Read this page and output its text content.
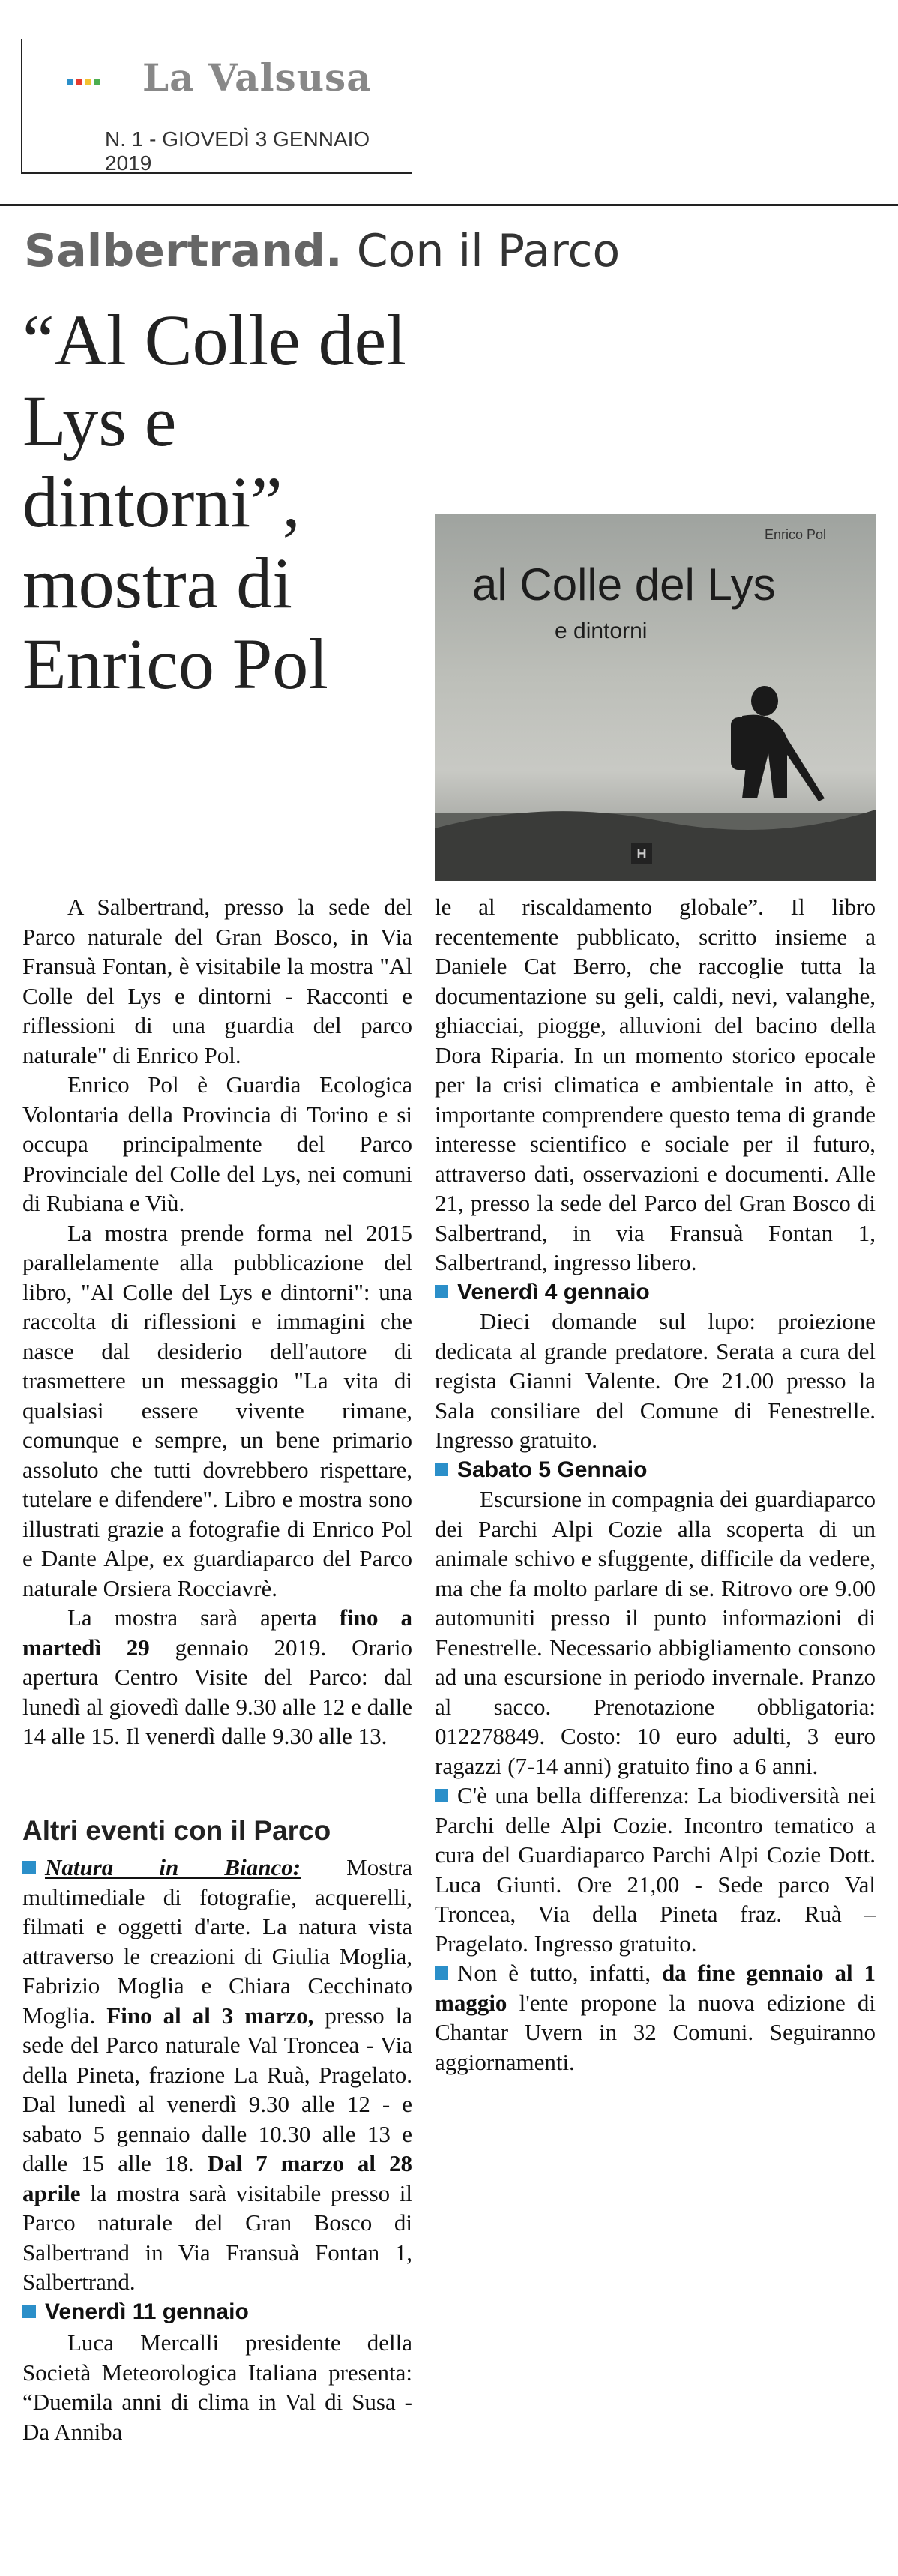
La Valsusa
N. 1 - GIOVEDÌ 3 GENNAIO 2019
Salbertrand. Con il Parco
“Al Colle del Lys e dintorni”, mostra di Enrico Pol
Enrico Pol
al Colle del Lys
e dintorni
H

A Salbertrand, presso la sede del Parco naturale del Gran Bosco, in Via Fransuà Fontan, è visitabile la mostra "Al Colle del Lys e dintorni - Racconti e riflessioni di una guardia del parco naturale" di Enrico Pol.

Enrico Pol è Guardia Ecologica Volontaria della Provincia di Torino e si occupa principalmente del Parco Provinciale del Colle del Lys, nei comuni di Rubiana e Viù.

La mostra prende forma nel 2015 parallelamente alla pubblicazione del libro, "Al Colle del Lys e dintorni": una raccolta di riflessioni e immagini che nasce dal desiderio dell'autore di trasmettere un messaggio "La vita di qualsiasi essere vivente rimane, comunque e sempre, un bene primario assoluto che tutti dovrebbero rispettare, tutelare e difendere". Libro e mostra sono illustrati grazie a fotografie di Enrico Pol e Dante Alpe, ex guardiaparco del Parco naturale Orsiera Rocciavrè.

La mostra sarà aperta fino a martedì 29 gennaio 2019. Orario apertura Centro Visite del Parco: dal lunedì al giovedì dalle 9.30 alle 12 e dalle 14 alle 15. Il venerdì dalle 9.30 alle 13.

Altri eventi con il Parco

Natura in Bianco: Mostra multimediale di fotografie, acquerelli, filmati e oggetti d'arte. La natura vista attraverso le creazioni di Giulia Moglia, Fabrizio Moglia e Chiara Cecchinato Moglia. Fino al al 3 marzo, presso la sede del Parco naturale Val Troncea - Via della Pineta, frazione La Ruà, Pragelato. Dal lunedì al venerdì 9.30 alle 12 - e sabato 5 gennaio dalle 10.30 alle 13 e dalle 15 alle 18. Dal 7 marzo al 28 aprile la mostra sarà visitabile presso il Parco naturale del Gran Bosco di Salbertrand in Via Fransuà Fontan 1, Salbertrand.

Venerdì 11 gennaio

Luca Mercalli presidente della Società Meteorologica Italiana presenta: “Duemila anni di clima in Val di Susa - Da Anniba

le al riscaldamento globale”. Il libro recentemente pubblicato, scritto insieme a Daniele Cat Berro, che raccoglie tutta la documentazione su geli, caldi, nevi, valanghe, ghiacciai, piogge, alluvioni del bacino della Dora Riparia. In un momento storico epocale per la crisi climatica e ambientale in atto, è importante comprendere questo tema di grande interesse scientifico e sociale per il futuro, attraverso dati, osservazioni e documenti. Alle 21, presso la sede del Parco del Gran Bosco di Salbertrand, in via Fransuà Fontan 1, Salbertrand, ingresso libero.

Venerdì 4 gennaio

Dieci domande sul lupo: proiezione dedicata al grande predatore. Serata a cura del regista Gianni Valente. Ore 21.00 presso la Sala consiliare del Comune di Fenestrelle. Ingresso gratuito.

Sabato 5 Gennaio

Escursione in compagnia dei guardiaparco dei Parchi Alpi Cozie alla scoperta di un animale schivo e sfuggente, difficile da vedere, ma che fa molto parlare di se. Ritrovo ore 9.00 automuniti presso il punto informazioni di Fenestrelle. Necessario abbigliamento consono ad una escursione in periodo invernale. Pranzo al sacco. Prenotazione obbligatoria: 012278849. Costo: 10 euro adulti, 3 euro ragazzi (7-14 anni) gratuito fino a 6 anni.

C'è una bella differenza: La biodiversità nei Parchi delle Alpi Cozie. Incontro tematico a cura del Guardiaparco Parchi Alpi Cozie Dott. Luca Giunti. Ore 21,00 - Sede parco Val Troncea, Via della Pineta fraz. Ruà – Pragelato. Ingresso gratuito.

Non è tutto, infatti, da fine gennaio al 1 maggio l'ente propone la nuova edizione di Chantar Uvern in 32 Comuni. Seguiranno aggiornamenti.
